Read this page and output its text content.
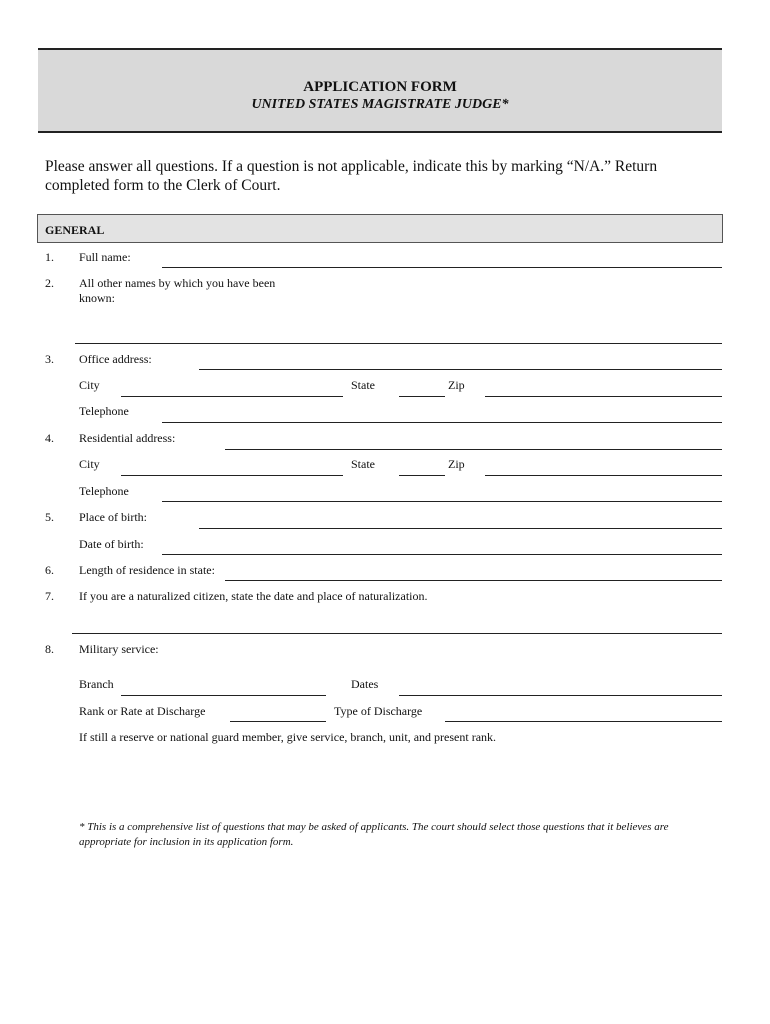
APPLICATION FORM
UNITED STATES MAGISTRATE JUDGE*
Please answer all questions. If a question is not applicable, indicate this by marking “N/A.” Return completed form to the Clerk of Court.
GENERAL
1. Full name:
2. All other names by which you have been known:
3. Office address:
City	State	Zip
Telephone
4. Residential address:
City	State	Zip
Telephone
5. Place of birth:
Date of birth:
6. Length of residence in state:
7. If you are a naturalized citizen, state the date and place of naturalization.
8. Military service:
Branch	Dates
Rank or Rate at Discharge	Type of Discharge
If still a reserve or national guard member, give service, branch, unit, and present rank.
* This is a comprehensive list of questions that may be asked of applicants. The court should select those questions that it believes are appropriate for inclusion in its application form.
